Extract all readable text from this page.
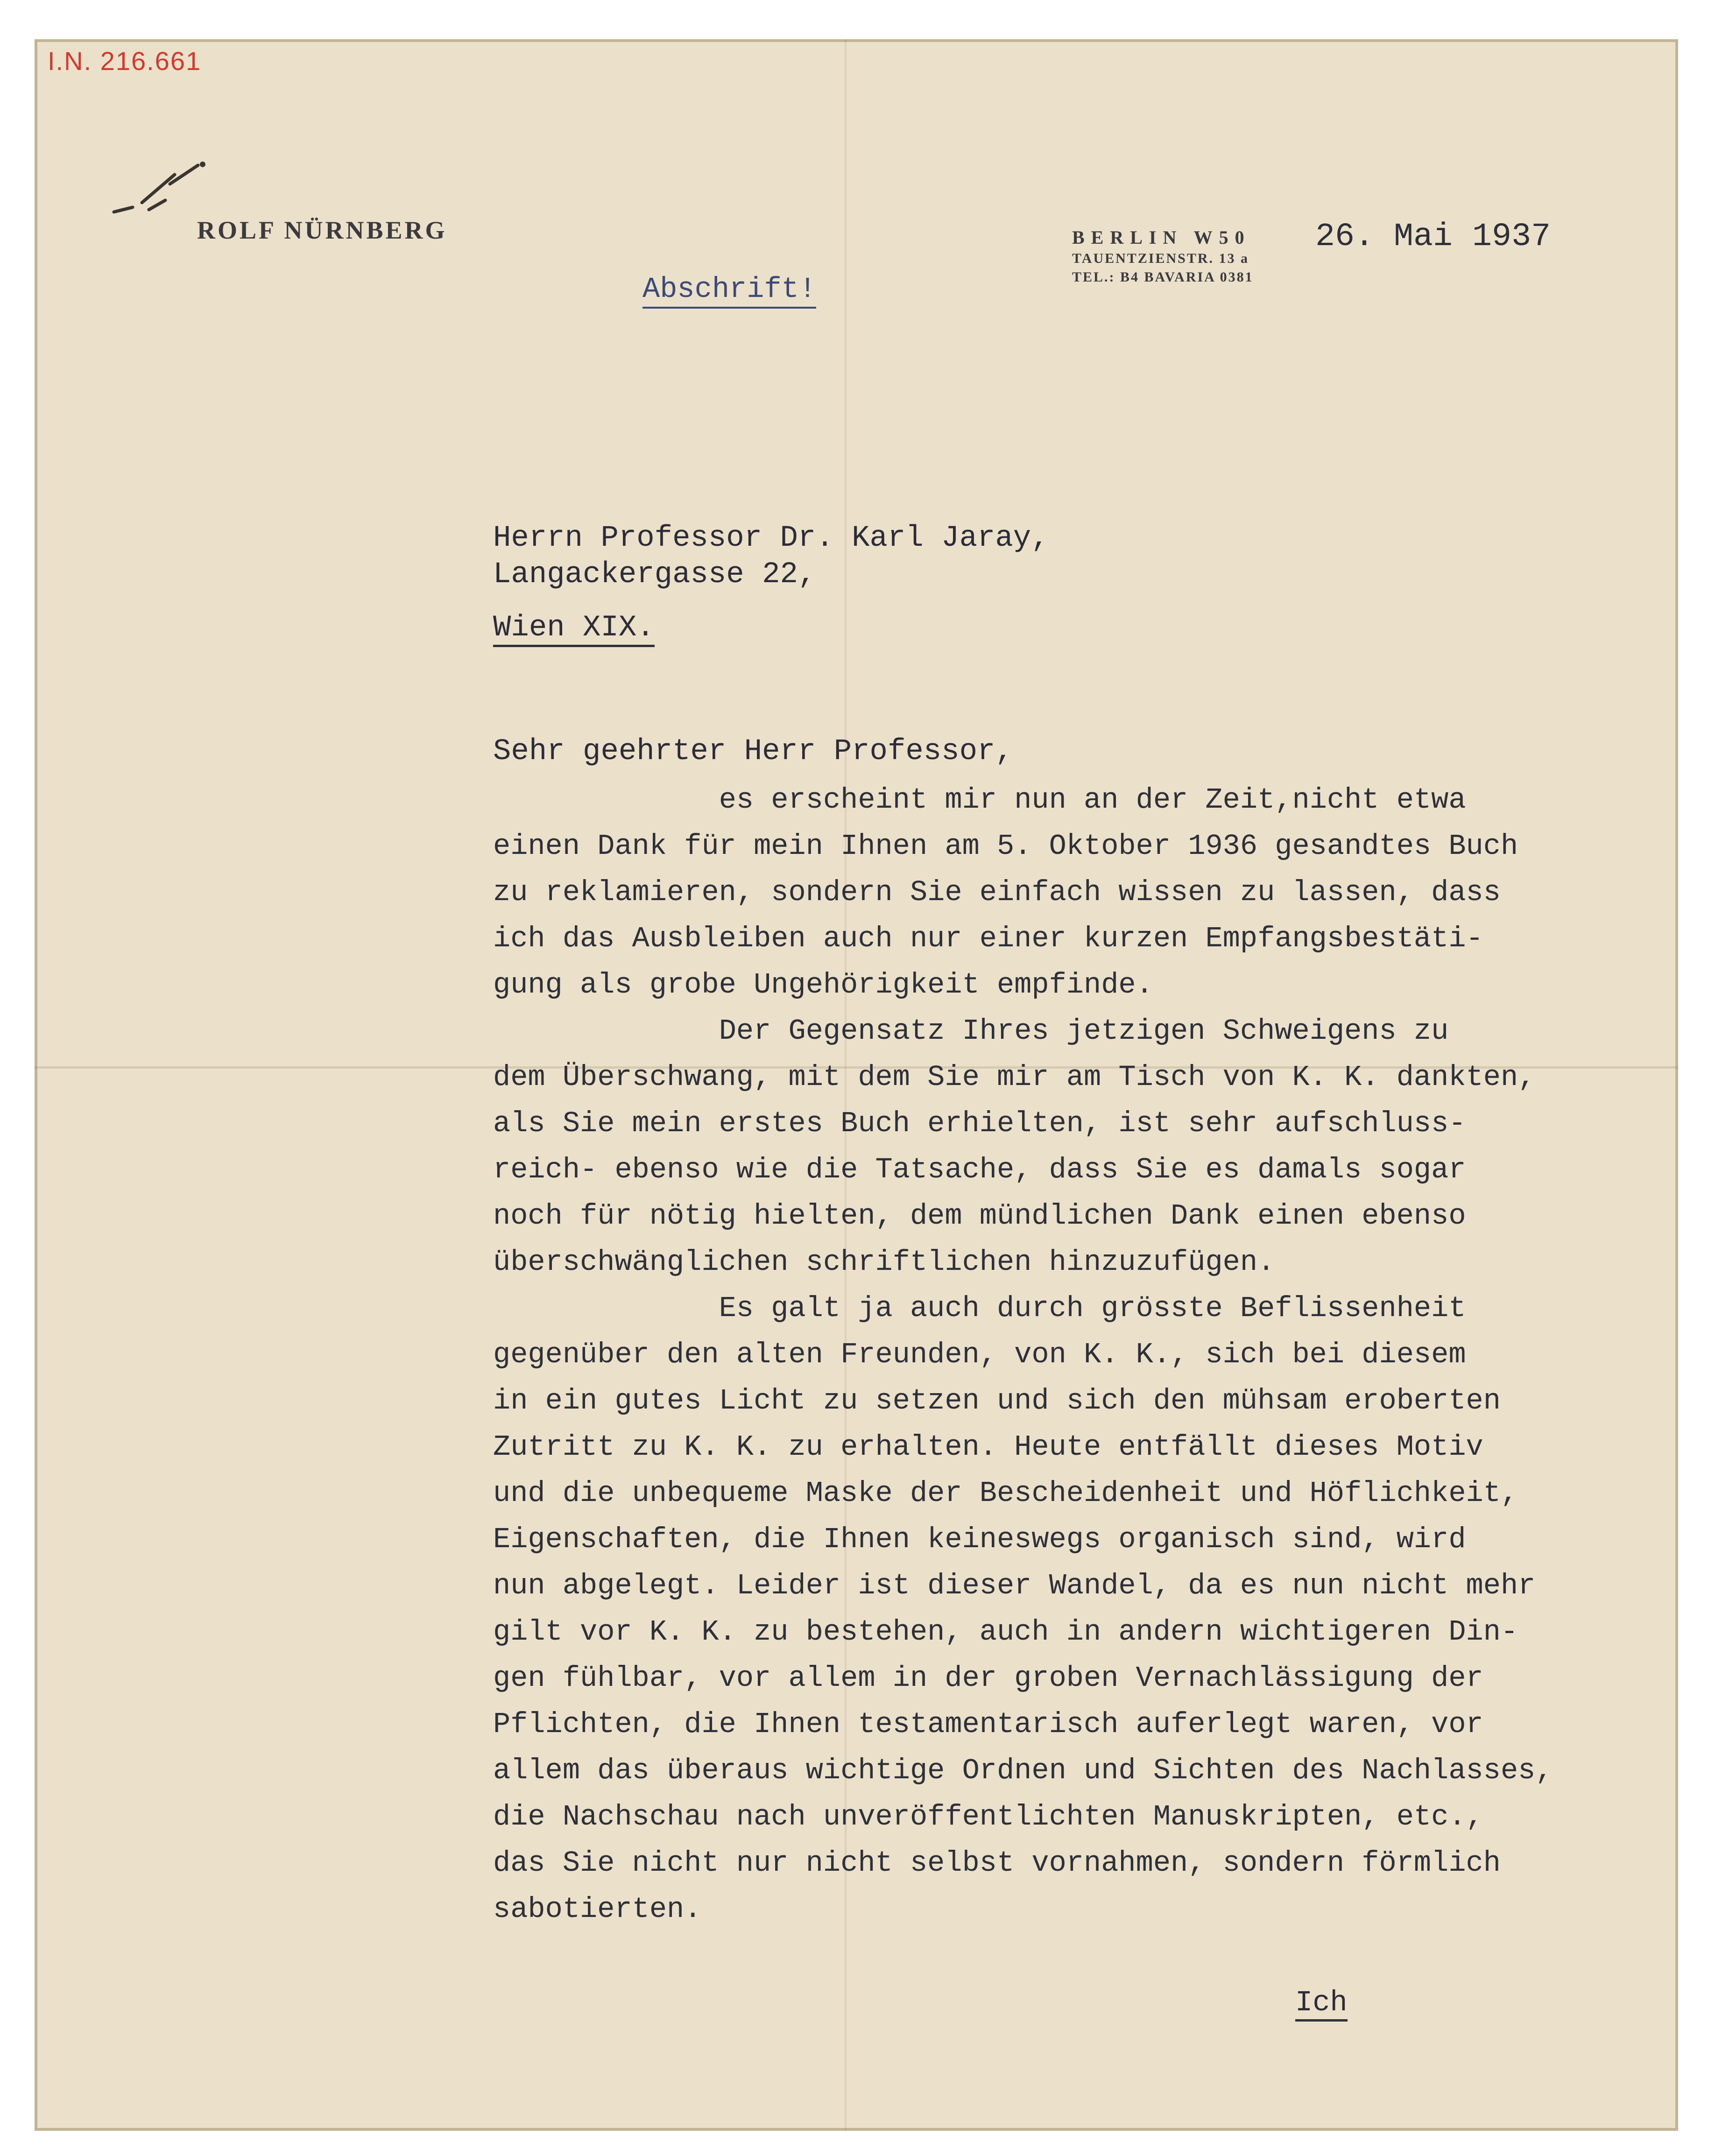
I.N. 216.661
ROLF NÜRNBERG
Abschrift!
BERLIN W50
TAUENTZIENSTR. 13 a
TEL.: B4 BAVARIA 0381
26. Mai 1937
Herrn Professor Dr. Karl Jaray,
Langackergasse 22,
Wien XIX.
Sehr geehrter Herr Professor,

es erscheint mir nun an der Zeit,nicht etwa

einen Dank für mein Ihnen am 5. Oktober 1936 gesandtes Buch

zu reklamieren, sondern Sie einfach wissen zu lassen, dass

ich das Ausbleiben auch nur einer kurzen Empfangsbestäti-

gung als grobe Ungehörigkeit empfinde.

Der Gegensatz Ihres jetzigen Schweigens zu

dem Überschwang, mit dem Sie mir am Tisch von K. K. dankten,

als Sie mein erstes Buch erhielten, ist sehr aufschluss-

reich- ebenso wie die Tatsache, dass Sie es damals sogar

noch für nötig hielten, dem mündlichen Dank einen ebenso

überschwänglichen schriftlichen hinzuzufügen.

Es galt ja auch durch grösste Beflissenheit

gegenüber den alten Freunden, von K. K., sich bei diesem

in ein gutes Licht zu setzen und sich den mühsam eroberten

Zutritt zu K. K. zu erhalten. Heute entfällt dieses Motiv

und die unbequeme Maske der Bescheidenheit und Höflichkeit,

Eigenschaften, die Ihnen keineswegs organisch sind, wird

nun abgelegt. Leider ist dieser Wandel, da es nun nicht mehr

gilt vor K. K. zu bestehen, auch in andern wichtigeren Din-

gen fühlbar, vor allem in der groben Vernachlässigung der

Pflichten, die Ihnen testamentarisch auferlegt waren, vor

allem das überaus wichtige Ordnen und Sichten des Nachlasses,

die Nachschau nach unveröffentlichten Manuskripten, etc.,

das Sie nicht nur nicht selbst vornahmen, sondern förmlich

sabotierten.

Ich
